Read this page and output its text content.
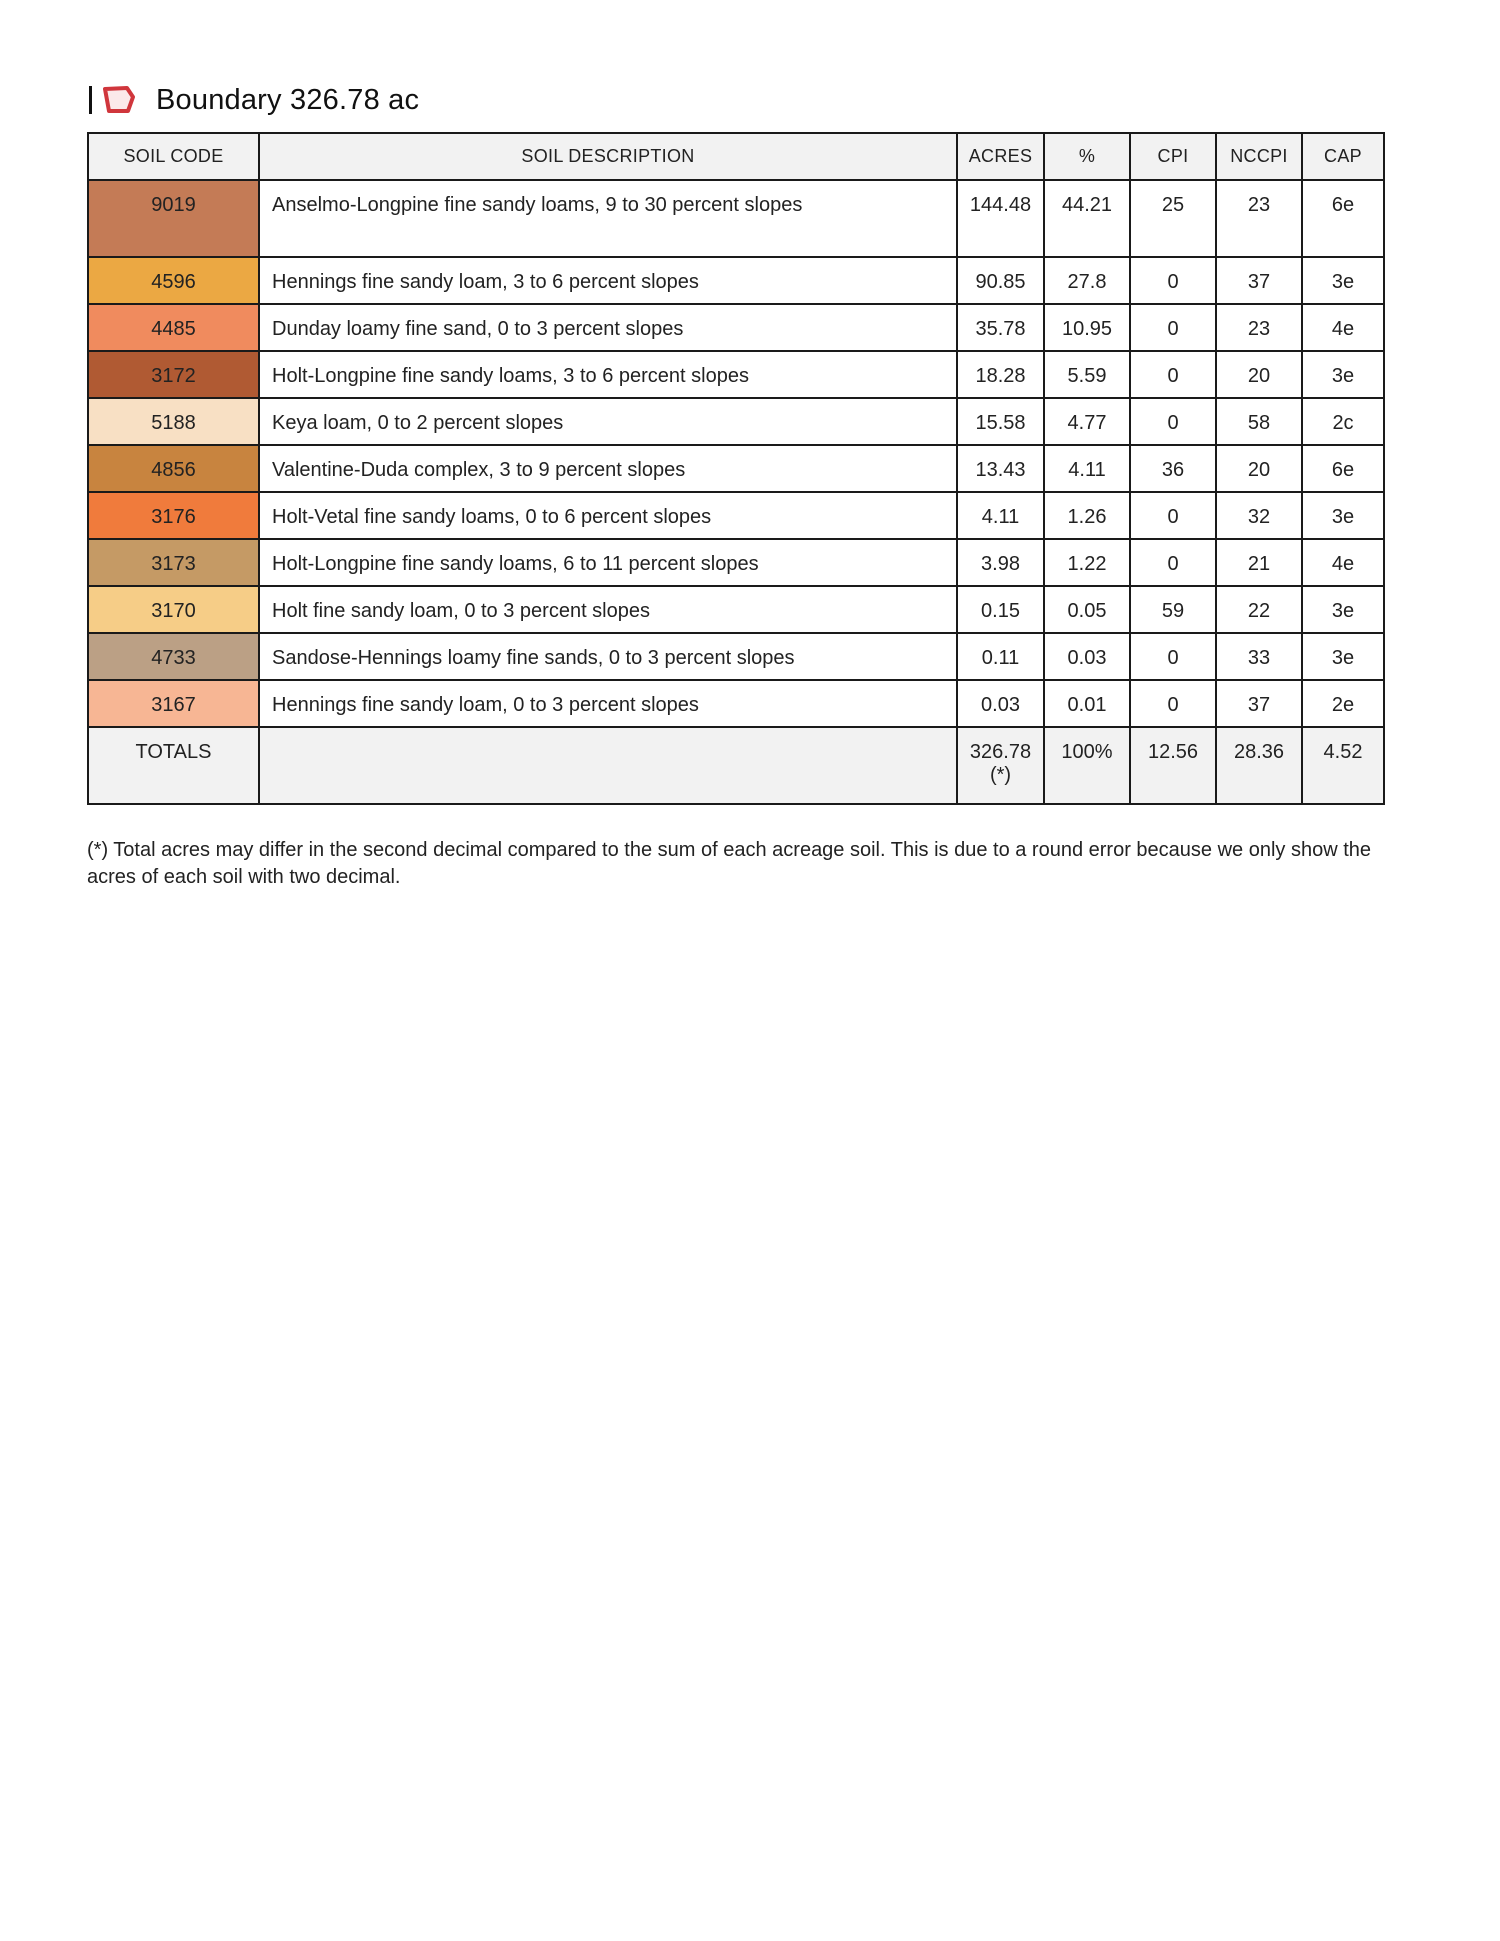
Boundary 326.78 ac
SOIL CODE	SOIL DESCRIPTION	ACRES	%	CPI	NCCPI	CAP
9019	Anselmo-Longpine fine sandy loams, 9 to 30 percent slopes	144.48	44.21	25	23	6e
4596	Hennings fine sandy loam, 3 to 6 percent slopes	90.85	27.8	0	37	3e
4485	Dunday loamy fine sand, 0 to 3 percent slopes	35.78	10.95	0	23	4e
3172	Holt-Longpine fine sandy loams, 3 to 6 percent slopes	18.28	5.59	0	20	3e
5188	Keya loam, 0 to 2 percent slopes	15.58	4.77	0	58	2c
4856	Valentine-Duda complex, 3 to 9 percent slopes	13.43	4.11	36	20	6e
3176	Holt-Vetal fine sandy loams, 0 to 6 percent slopes	4.11	1.26	0	32	3e
3173	Holt-Longpine fine sandy loams, 6 to 11 percent slopes	3.98	1.22	0	21	4e
3170	Holt fine sandy loam, 0 to 3 percent slopes	0.15	0.05	59	22	3e
4733	Sandose-Hennings loamy fine sands, 0 to 3 percent slopes	0.11	0.03	0	33	3e
3167	Hennings fine sandy loam, 0 to 3 percent slopes	0.03	0.01	0	37	2e
TOTALS		326.78(*)	100%	12.56	28.36	4.52
(*) Total acres may differ in the second decimal compared to the sum of each acreage soil. This is due to a round error because we only show the acres of each soil with two decimal.
